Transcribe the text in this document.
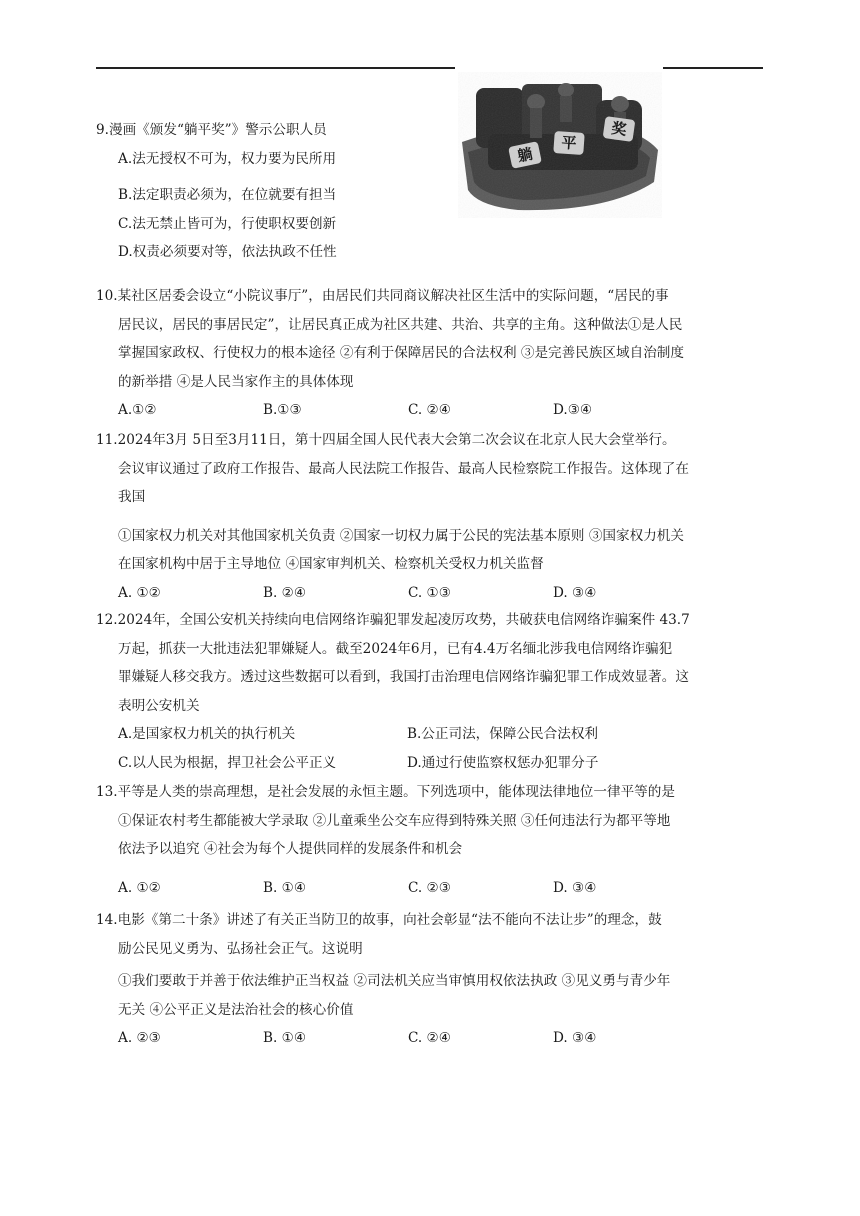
躺
平
奖

9.漫画《颁发“躺平奖”》警示公职人员

A.法无授权不可为，权力要为民所用
B.法定职责必须为，在位就要有担当
C.法无禁止皆可为，行使职权要创新
D.权责必须要对等，依法执政不任性
10.某社区居委会设立“小院议事厅”，由居民们共同商议解决社区生活中的实际问题，“居民的事
居民议，居民的事居民定”，让居民真正成为社区共建、共治、共享的主角。这种做法①是人民
掌握国家政权、行使权力的根本途径 ②有利于保障居民的合法权利 ③是完善民族区域自治制度
的新举措 ④是人民当家作主的具体体现
A.①②	B.①③	C. ②④	D.③④
11.2024年3月 5日至3月11日，第十四届全国人民代表大会第二次会议在北京人民大会堂举行。
会议审议通过了政府工作报告、最高人民法院工作报告、最高人民检察院工作报告。这体现了在
我国
①国家权力机关对其他国家机关负责 ②国家一切权力属于公民的宪法基本原则 ③国家权力机关
在国家机构中居于主导地位 ④国家审判机关、检察机关受权力机关监督
A. ①②	B. ②④	C. ①③	D. ③④
12.2024年，全国公安机关持续向电信网络诈骗犯罪发起凌厉攻势，共破获电信网络诈骗案件 43.7
万起，抓获一大批违法犯罪嫌疑人。截至2024年6月，已有4.4万名缅北涉我电信网络诈骗犯
罪嫌疑人移交我方。透过这些数据可以看到，我国打击治理电信网络诈骗犯罪工作成效显著。这
表明公安机关
A.是国家权力机关的执行机关	B.公正司法，保障公民合法权利
C.以人民为根据，捍卫社会公平正义	D.通过行使监察权惩办犯罪分子
13.平等是人类的崇高理想，是社会发展的永恒主题。下列选项中，能体现法律地位一律平等的是
①保证农村考生都能被大学录取 ②儿童乘坐公交车应得到特殊关照 ③任何违法行为都平等地
依法予以追究 ④社会为每个人提供同样的发展条件和机会
A. ①②	B. ①④	C. ②③	D. ③④
14.电影《第二十条》讲述了有关正当防卫的故事，向社会彰显“法不能向不法让步”的理念，鼓
励公民见义勇为、弘扬社会正气。这说明
①我们要敢于并善于依法维护正当权益 ②司法机关应当审慎用权依法执政 ③见义勇与青少年
无关 ④公平正义是法治社会的核心价值
A. ②③	B. ①④	C. ②④	D. ③④
